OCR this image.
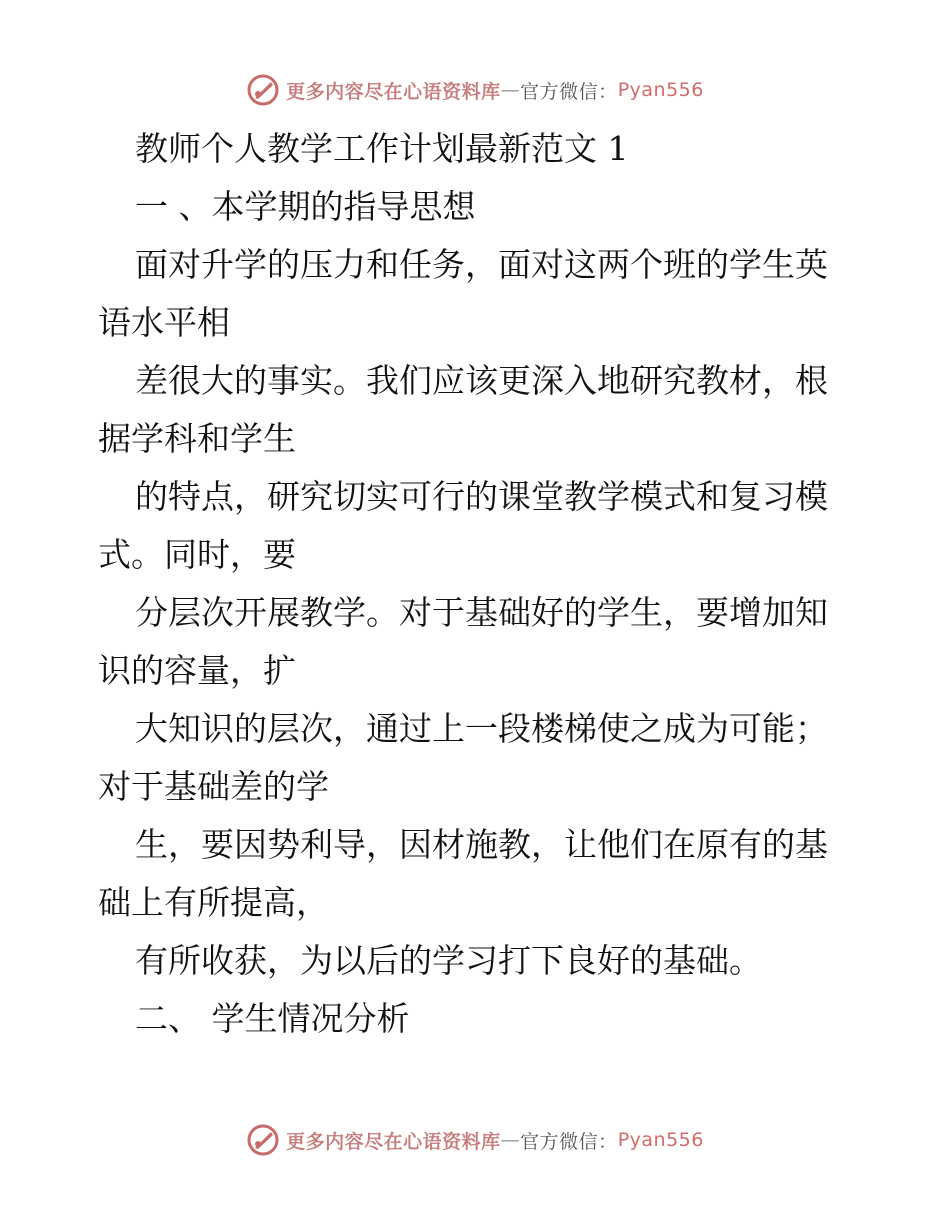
更多内容尽在心语资料库 — 官方微信： Pyan556

教师个人教学工作计划最新范文 1

一 、本学期的指导思想

面对升学的压力和任务，面对这两个班的学生英

语水平相

差很大的事实。我们应该更深入地研究教材，根

据学科和学生

的特点，研究切实可行的课堂教学模式和复习模

式。同时，要

分层次开展教学。对于基础好的学生，要增加知

识的容量，扩

大知识的层次，通过上一段楼梯使之成为可能；

对于基础差的学

生，要因势利导，因材施教，让他们在原有的基

础上有所提高，

有所收获，为以后的学习打下良好的基础。

二、 学生情况分析

更多内容尽在心语资料库 — 官方微信： Pyan556
